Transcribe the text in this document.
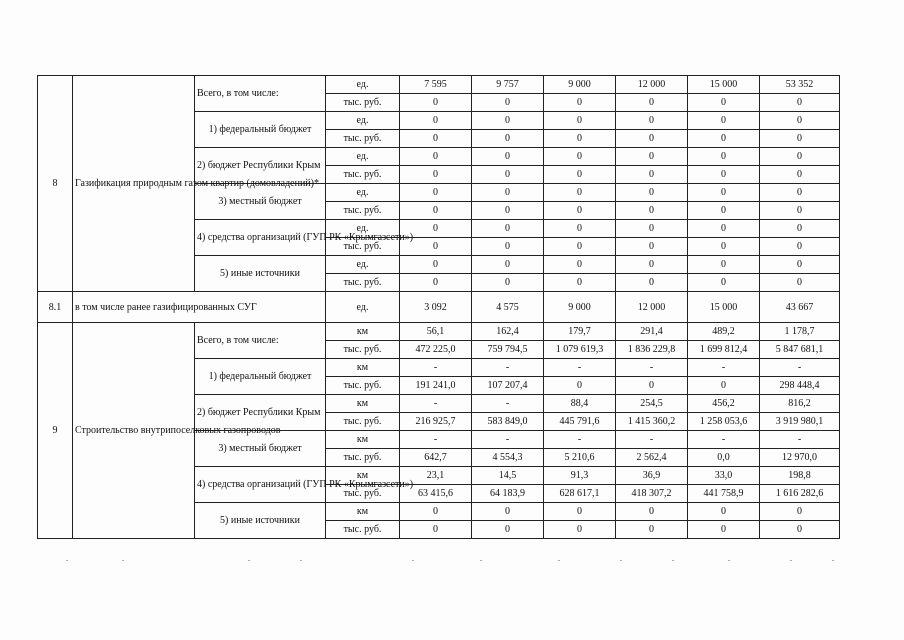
8	Газификация природным газом квартир (домовладений)*	Всего, в том числе:	ед.	7 595	9 757	9 000	12 000	15 000	53 352
			тыс. руб.	0	0	0	0	0	0
		1) федеральный бюджет	ед.	0	0	0	0	0	0
			тыс. руб.	0	0	0	0	0	0
		2) бюджет Республики Крым	ед.	0	0	0	0	0	0
			тыс. руб.	0	0	0	0	0	0
		3) местный бюджет	ед.	0	0	0	0	0	0
			тыс. руб.	0	0	0	0	0	0
		4) средства организаций (ГУП РК «Крымгазсети»)	ед.	0	0	0	0	0	0
			тыс. руб.	0	0	0	0	0	0
		5) иные источники	ед.	0	0	0	0	0	0
			тыс. руб.	0	0	0	0	0	0
8.1	в том числе ранее газифицированных СУГ		ед.	3 092	4 575	9 000	12 000	15 000	43 667
9	Строительство внутрипоселковых газопроводов	Всего, в том числе:	км	56,1	162,4	179,7	291,4	489,2	1 178,7
			тыс. руб.	472 225,0	759 794,5	1 079 619,3	1 836 229,8	1 699 812,4	5 847 681,1
		1) федеральный бюджет	км	-	-	-	-	-	-
			тыс. руб.	191 241,0	107 207,4	0	0	0	298 448,4
		2) бюджет Республики Крым	км	-	-	88,4	254,5	456,2	816,2
			тыс. руб.	216 925,7	583 849,0	445 791,6	1 415 360,2	1 258 053,6	3 919 980,1
		3) местный бюджет	км	-	-	-	-	-	-
			тыс. руб.	642,7	4 554,3	5 210,6	2 562,4	0,0	12 970,0
		4) средства организаций (ГУП РК «Крымгазсети»)	км	23,1	14,5	91,3	36,9	33,0	198,8
			тыс. руб.	63 415,6	64 183,9	628 617,1	418 307,2	441 758,9	1 616 282,6
		5) иные источники	км	0	0	0	0	0	0
			тыс. руб.	0	0	0	0	0	0
